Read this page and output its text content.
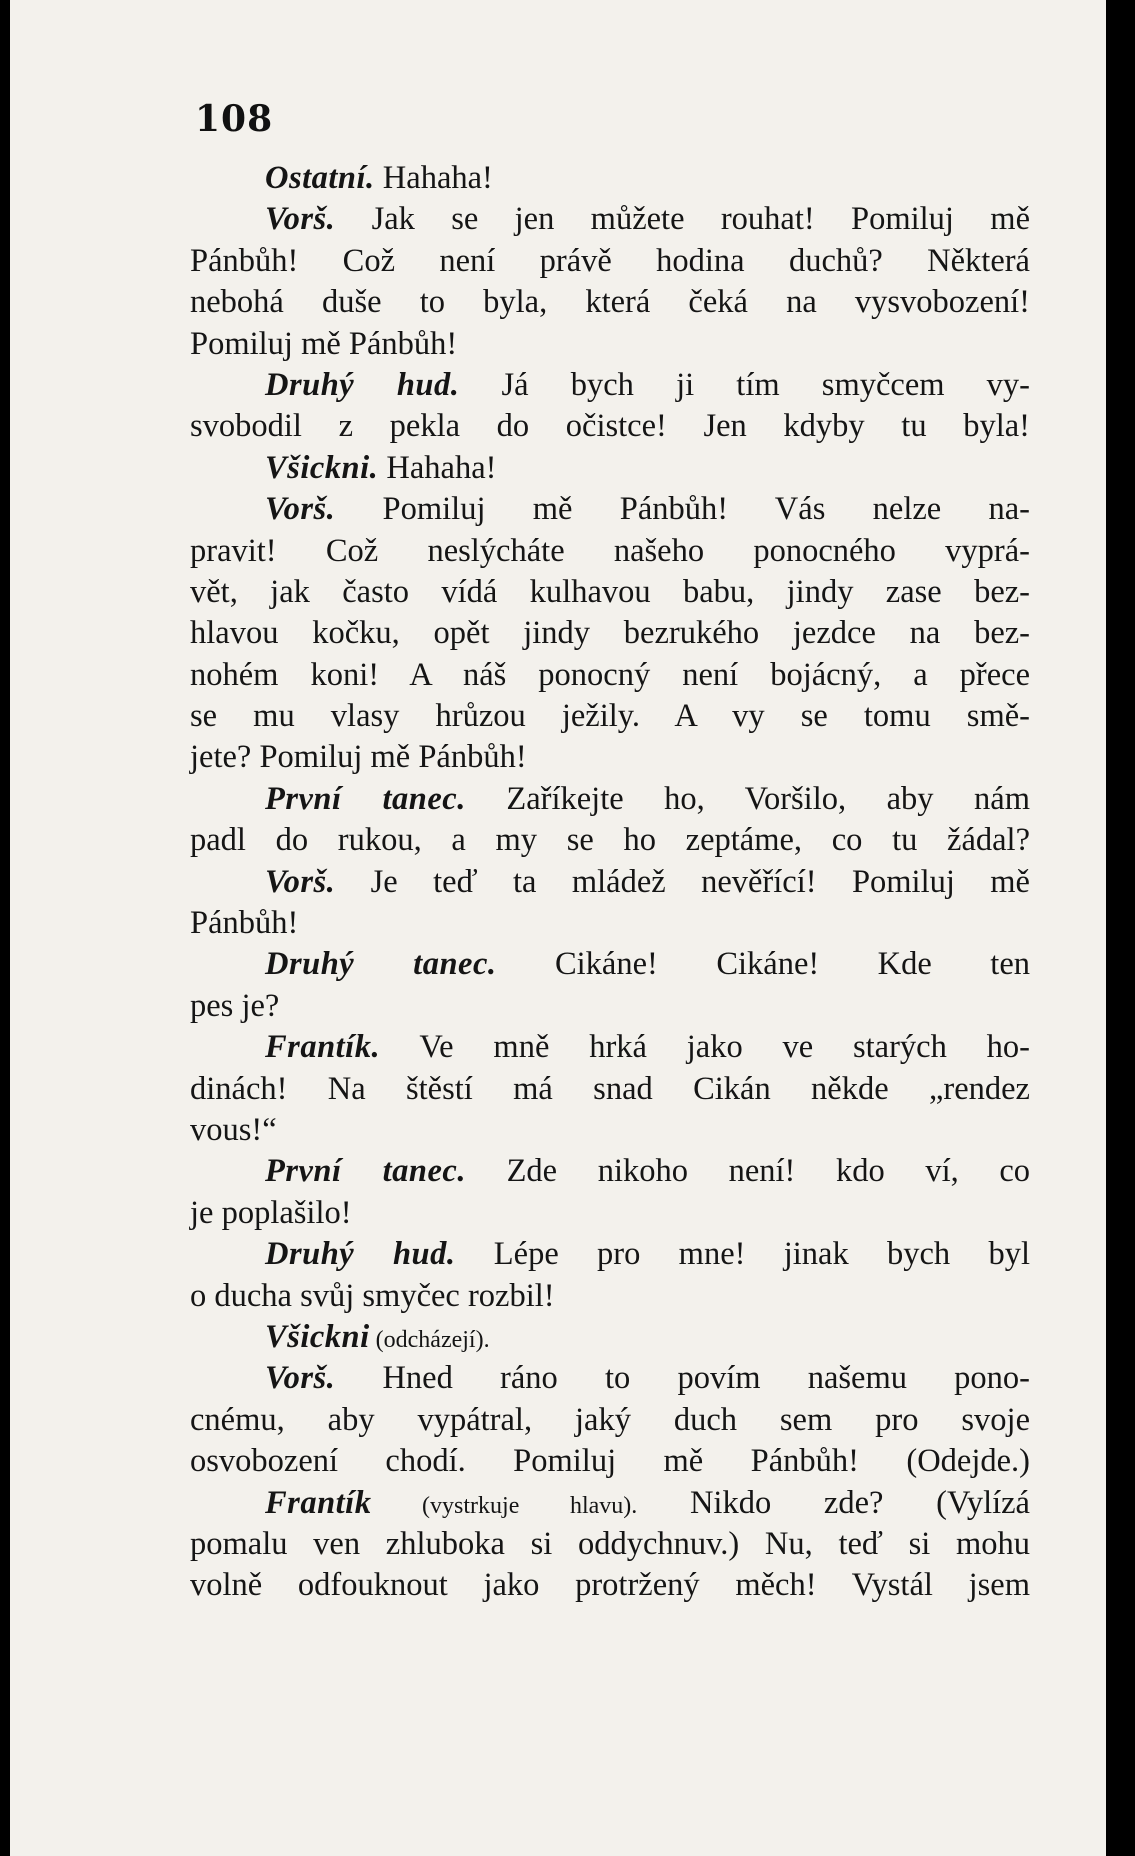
108
Ostatní. Hahaha!
Vorš. Jak se jen můžete rouhat! Pomiluj mě
Pánbůh! Což není právě hodina duchů? Některá
nebohá duše to byla, která čeká na vysvobození!
Pomiluj mě Pánbůh!
Druhý hud. Já bych ji tím smyčcem vy-
svobodil z pekla do očistce! Jen kdyby tu byla!
Všickni. Hahaha!
Vorš. Pomiluj mě Pánbůh! Vás nelze na-
pravit! Což neslýcháte našeho ponocného vyprá-
vět, jak často vídá kulhavou babu, jindy zase bez-
hlavou kočku, opět jindy bezrukého jezdce na bez-
nohém koni! A náš ponocný není bojácný, a přece
se mu vlasy hrůzou ježily. A vy se tomu smě-
jete? Pomiluj mě Pánbůh!
První tanec. Zaříkejte ho, Voršilo, aby nám
padl do rukou, a my se ho zeptáme, co tu žádal?
Vorš. Je teď ta mládež nevěřící! Pomiluj mě
Pánbůh!
Druhý tanec. Cikáne! Cikáne! Kde ten
pes je?
Frantík. Ve mně hrká jako ve starých ho-
dinách! Na štěstí má snad Cikán někde „rendez
vous!“
První tanec. Zde nikoho není! kdo ví, co
je poplašilo!
Druhý hud. Lépe pro mne! jinak bych byl
o ducha svůj smyčec rozbil!
Všickni (odcházejí).
Vorš. Hned ráno to povím našemu pono-
cnému, aby vypátral, jaký duch sem pro svoje
osvobození chodí. Pomiluj mě Pánbůh! (Odejde.)
Frantík (vystrkuje hlavu). Nikdo zde? (Vylízá
pomalu ven zhluboka si oddychnuv.) Nu, teď si mohu
volně odfouknout jako protržený měch! Vystál jsem
